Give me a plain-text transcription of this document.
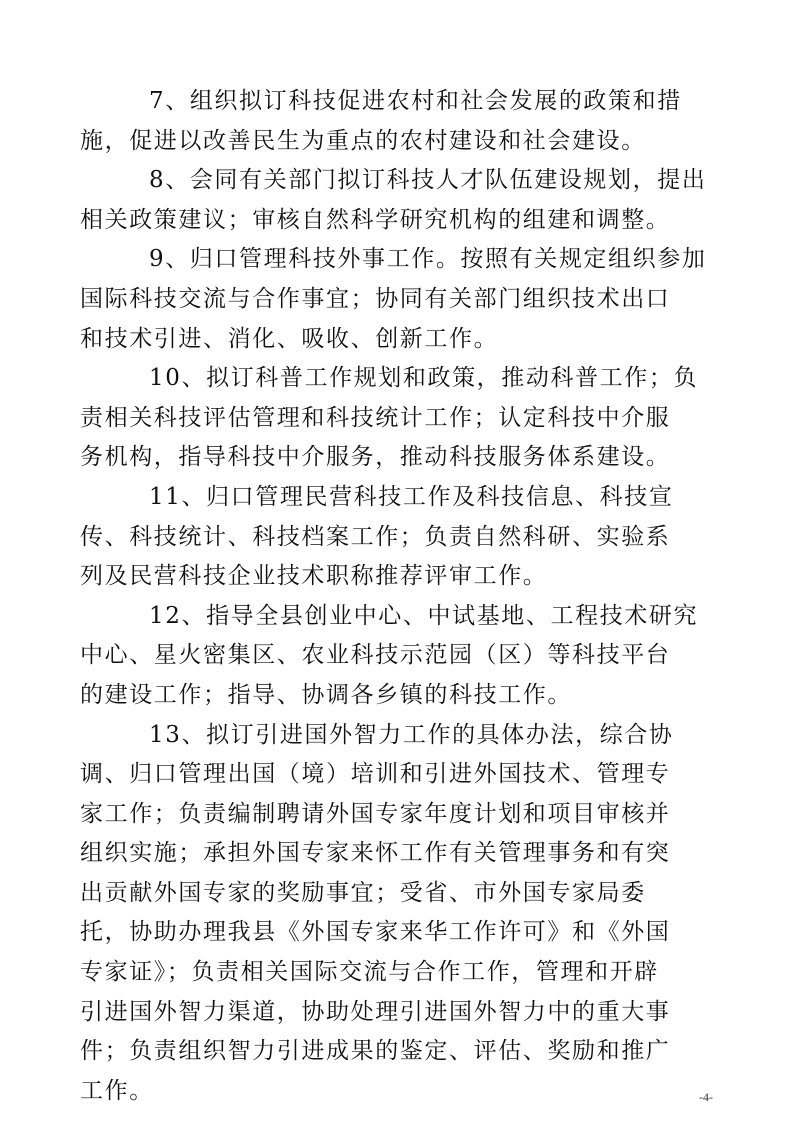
7、组织拟订科技促进农村和社会发展的政策和措
施，促进以改善民生为重点的农村建设和社会建设。
8、会同有关部门拟订科技人才队伍建设规划，提出
相关政策建议；审核自然科学研究机构的组建和调整。
9、归口管理科技外事工作。按照有关规定组织参加
国际科技交流与合作事宜；协同有关部门组织技术出口
和技术引进、消化、吸收、创新工作。
10、拟订科普工作规划和政策，推动科普工作；负
责相关科技评估管理和科技统计工作；认定科技中介服
务机构，指导科技中介服务，推动科技服务体系建设。
11、归口管理民营科技工作及科技信息、科技宣
传、科技统计、科技档案工作；负责自然科研、实验系
列及民营科技企业技术职称推荐评审工作。
12、指导全县创业中心、中试基地、工程技术研究
中心、星火密集区、农业科技示范园（区）等科技平台
的建设工作；指导、协调各乡镇的科技工作。
13、拟订引进国外智力工作的具体办法，综合协
调、归口管理出国（境）培训和引进外国技术、管理专
家工作；负责编制聘请外国专家年度计划和项目审核并
组织实施；承担外国专家来怀工作有关管理事务和有突
出贡献外国专家的奖励事宜；受省、市外国专家局委
托，协助办理我县《外国专家来华工作许可》和《外国
专家证》；负责相关国际交流与合作工作，管理和开辟
引进国外智力渠道，协助处理引进国外智力中的重大事
件；负责组织智力引进成果的鉴定、评估、奖励和推广
工作。	-4-
